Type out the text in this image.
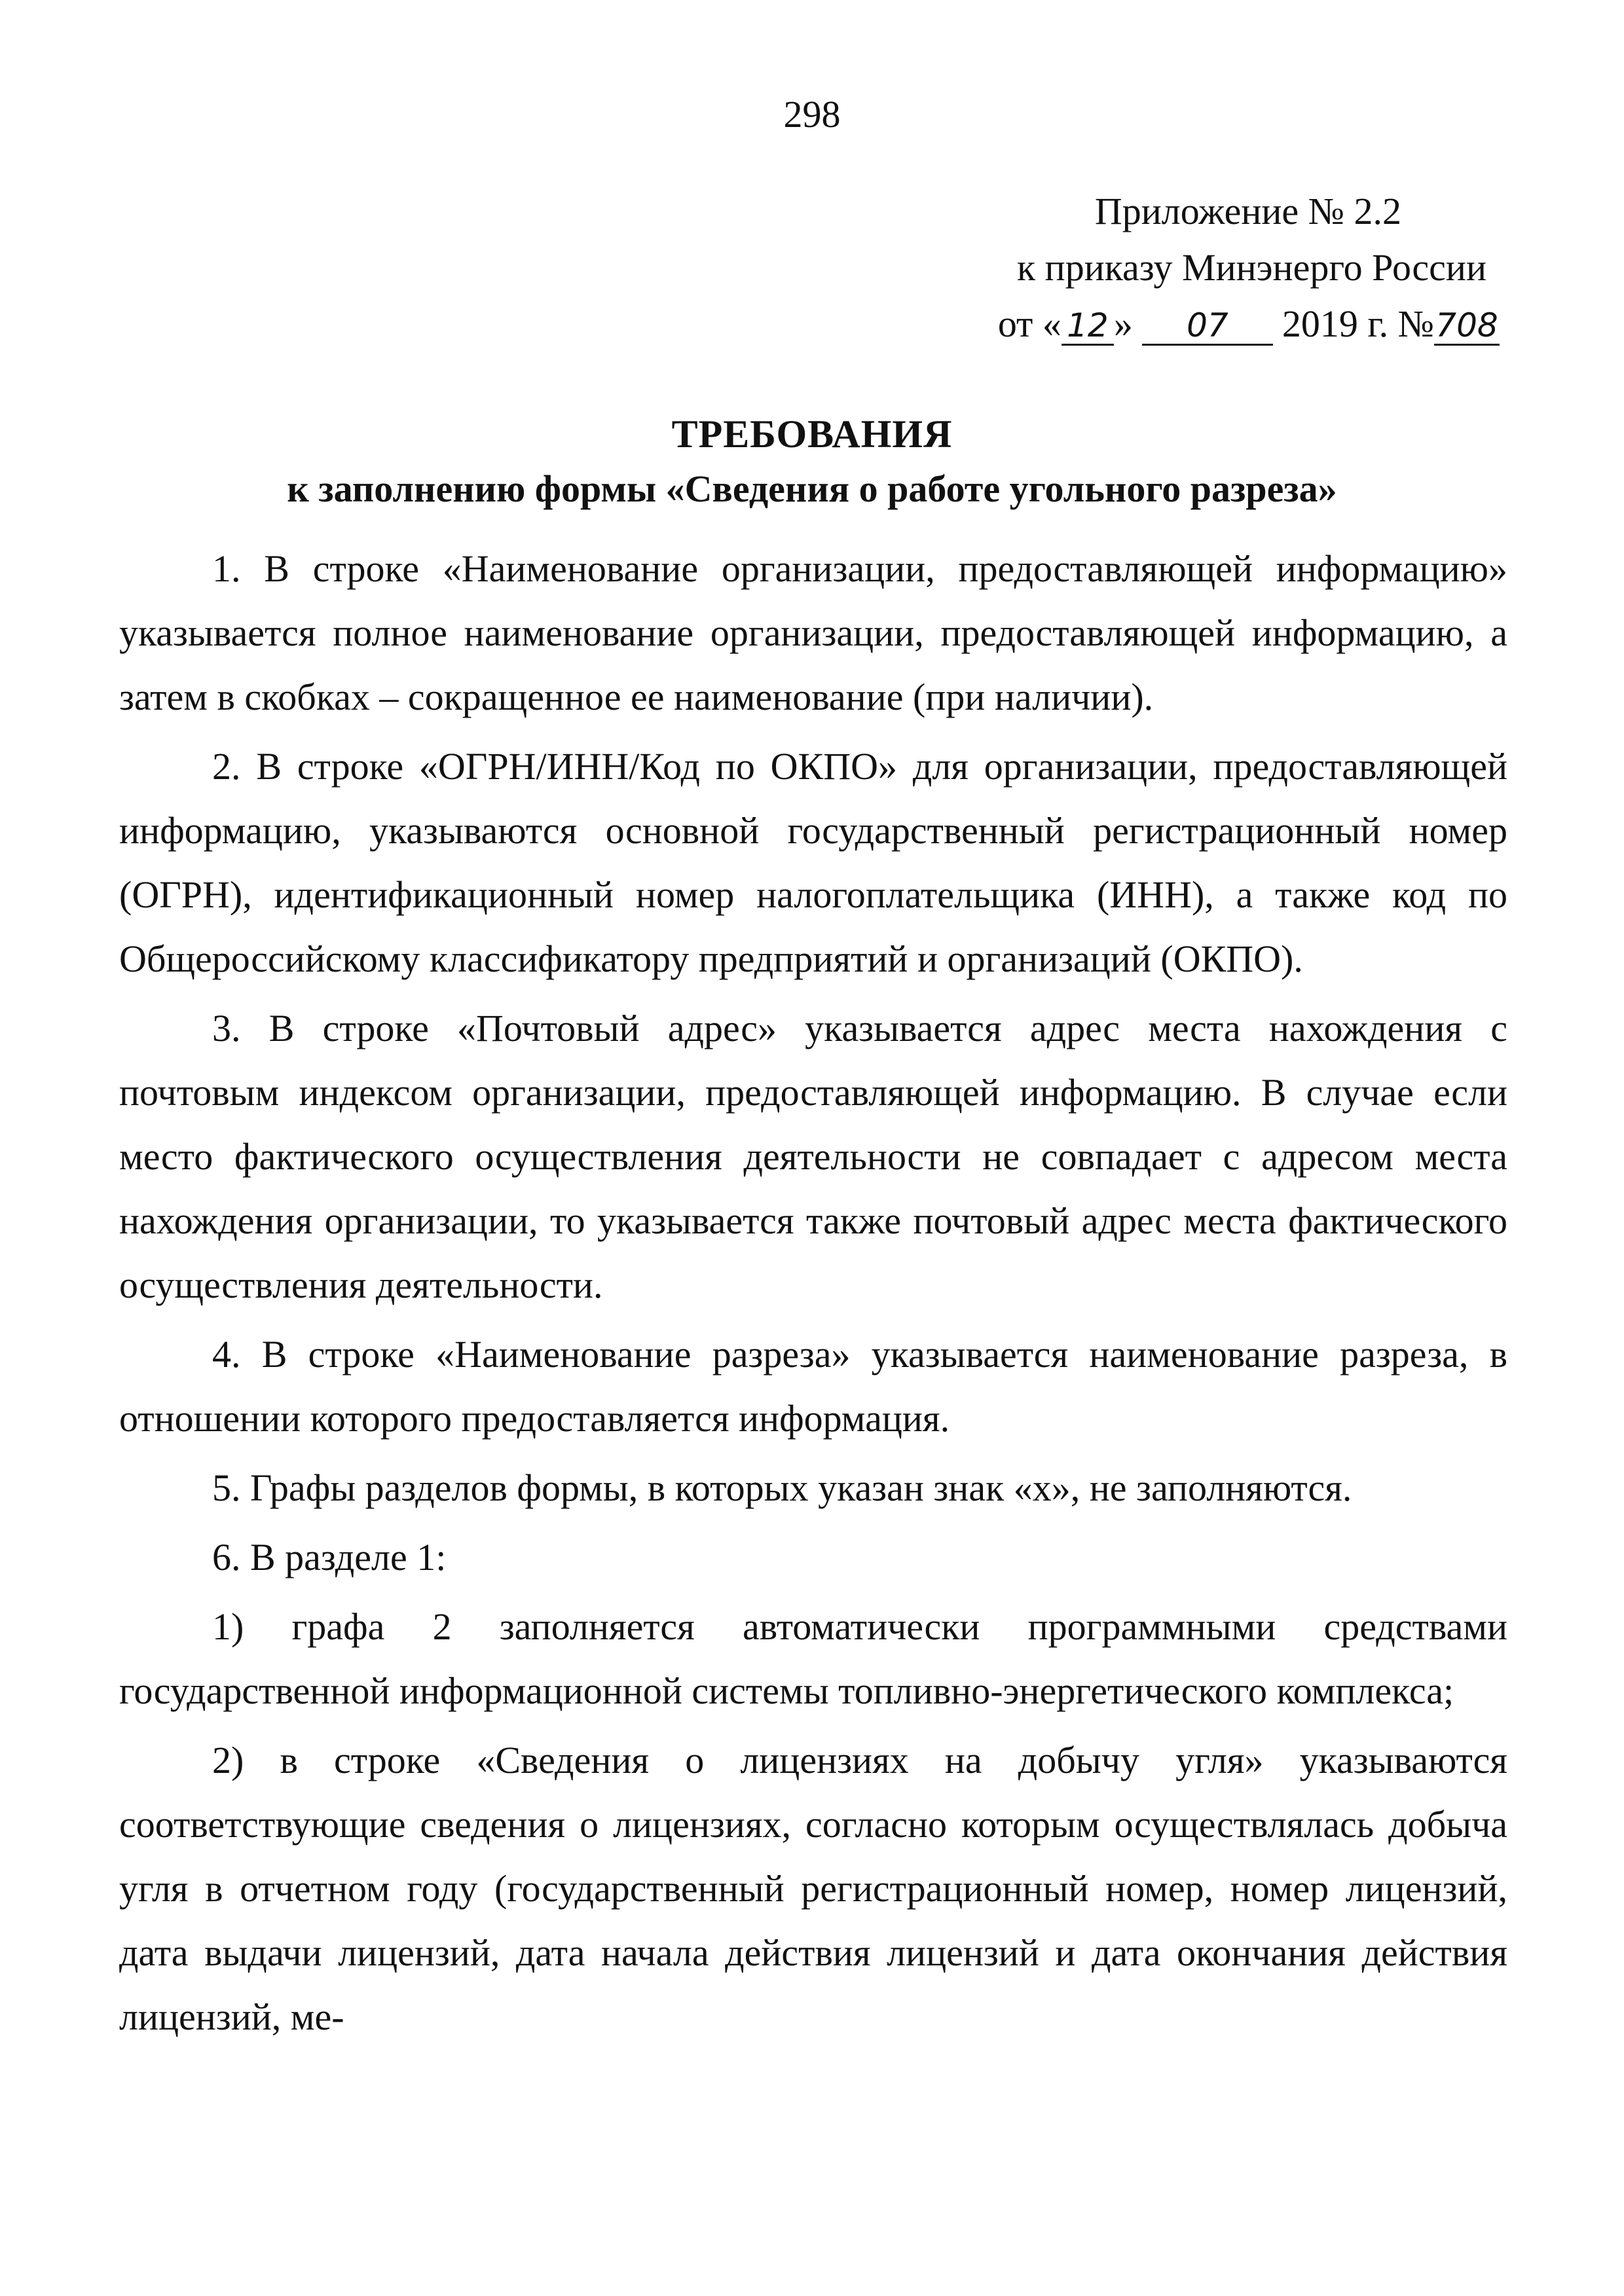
298
Приложение № 2.2
к приказу Минэнерго России
от « 12 » 07 2019 г. №708
ТРЕБОВАНИЯ
к заполнению формы «Сведения о работе угольного разреза»

1. В строке «Наименование организации, предоставляющей информацию» указывается полное наименование организации, предоставляющей информацию, а затем в скобках – сокращенное ее наименование (при наличии).

2. В строке «ОГРН/ИНН/Код по ОКПО» для организации, предоставляющей информацию, указываются основной государственный регистрационный номер (ОГРН), идентификационный номер налогоплательщика (ИНН), а также код по Общероссийскому классификатору предприятий и организаций (ОКПО).

3. В строке «Почтовый адрес» указывается адрес места нахождения с почтовым индексом организации, предоставляющей информацию. В случае если место фактического осуществления деятельности не совпадает с адресом места нахождения организации, то указывается также почтовый адрес места фактического осуществления деятельности.

4. В строке «Наименование разреза» указывается наименование разреза, в отношении которого предоставляется информация.

5. Графы разделов формы, в которых указан знак «х», не заполняются.

6. В разделе 1:

1) графа 2 заполняется автоматически программными средствами государственной информационной системы топливно-энергетического комплекса;

2) в строке «Сведения о лицензиях на добычу угля» указываются соответствующие сведения о лицензиях, согласно которым осуществлялась добыча угля в отчетном году (государственный регистрационный номер, номер лицензий, дата выдачи лицензий, дата начала действия лицензий и дата окончания действия лицензий, ме-
